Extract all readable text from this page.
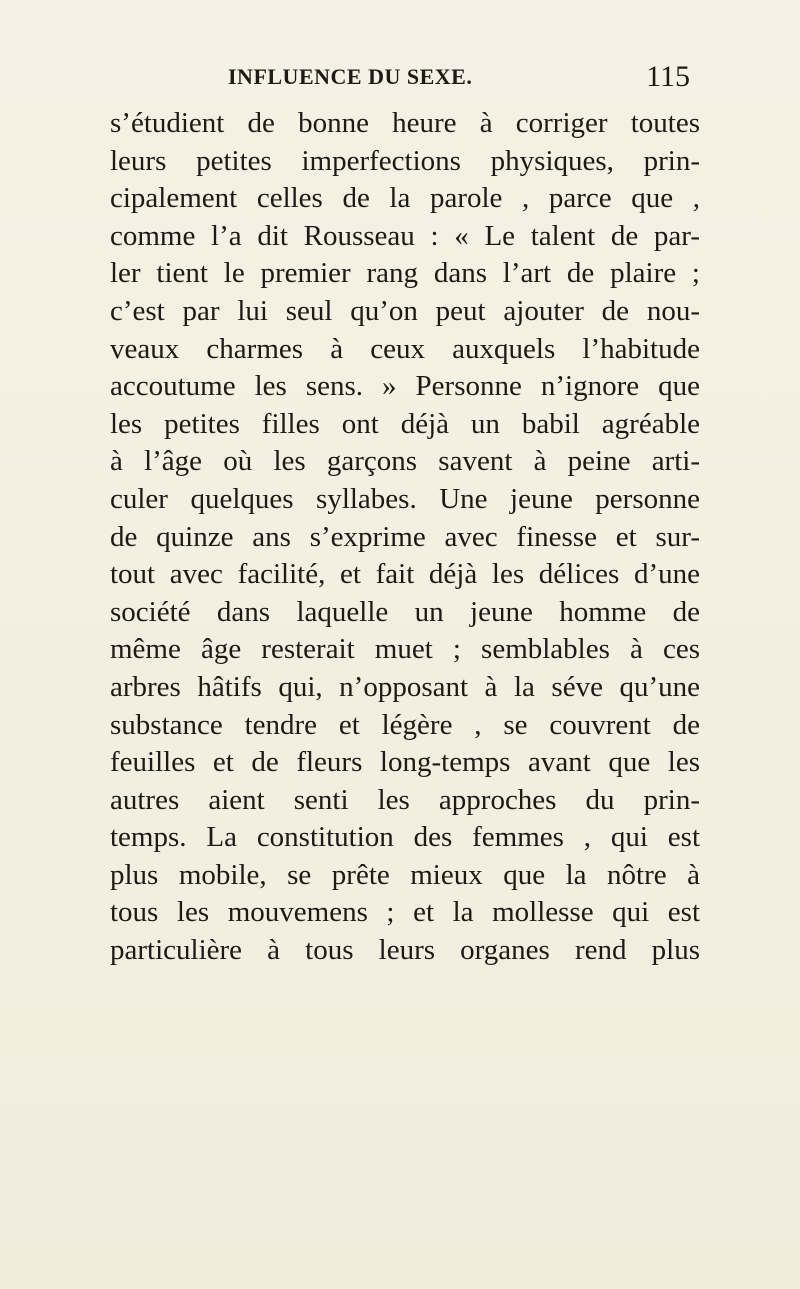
INFLUENCE DU SEXE.	115
s’étudient de bonne heure à corriger toutes
leurs petites imperfections physiques, prin-
cipalement celles de la parole , parce que ,
comme l’a dit Rousseau : « Le talent de par-
ler tient le premier rang dans l’art de plaire ;
c’est par lui seul qu’on peut ajouter de nou-
veaux charmes à ceux auxquels l’habitude
accoutume les sens. » Personne n’ignore que
les petites filles ont déjà un babil agréable
à l’âge où les garçons savent à peine arti-
culer quelques syllabes. Une jeune personne
de quinze ans s’exprime avec finesse et sur-
tout avec facilité, et fait déjà les délices d’une
société dans laquelle un jeune homme de
même âge resterait muet ; semblables à ces
arbres hâtifs qui, n’opposant à la séve qu’une
substance tendre et légère , se couvrent de
feuilles et de fleurs long-temps avant que les
autres aient senti les approches du prin-
temps. La constitution des femmes , qui est
plus mobile, se prête mieux que la nôtre à
tous les mouvemens ; et la mollesse qui est
particulière à tous leurs organes rend plus
